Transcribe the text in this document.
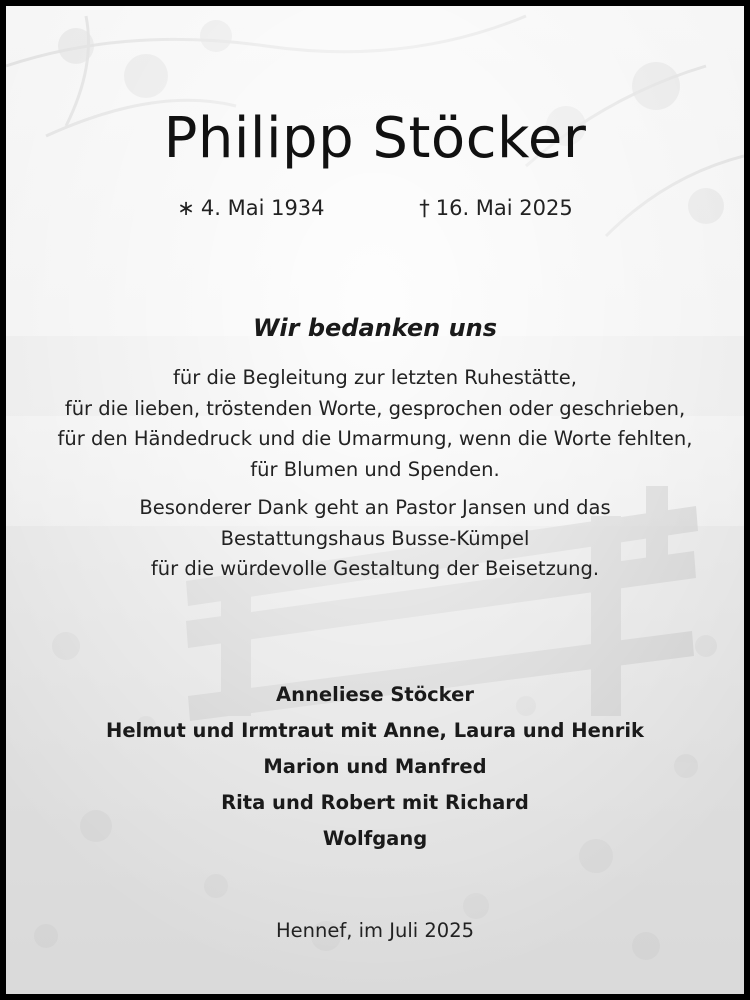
Philipp Stöcker
∗ 4. Mai 1934	† 16. Mai 2025
Wir bedanken uns
für die Begleitung zur letzten Ruhestätte,
für die lieben, tröstenden Worte, gesprochen oder geschrieben,
für den Händedruck und die Umarmung, wenn die Worte fehlten,
für Blumen und Spenden.
Besonderer Dank geht an Pastor Jansen und das
Bestattungshaus Busse-Kümpel
für die würdevolle Gestaltung der Beisetzung.
Anneliese Stöcker
Helmut und Irmtraut mit Anne, Laura und Henrik
Marion und Manfred
Rita und Robert mit Richard
Wolfgang
Hennef, im Juli 2025
